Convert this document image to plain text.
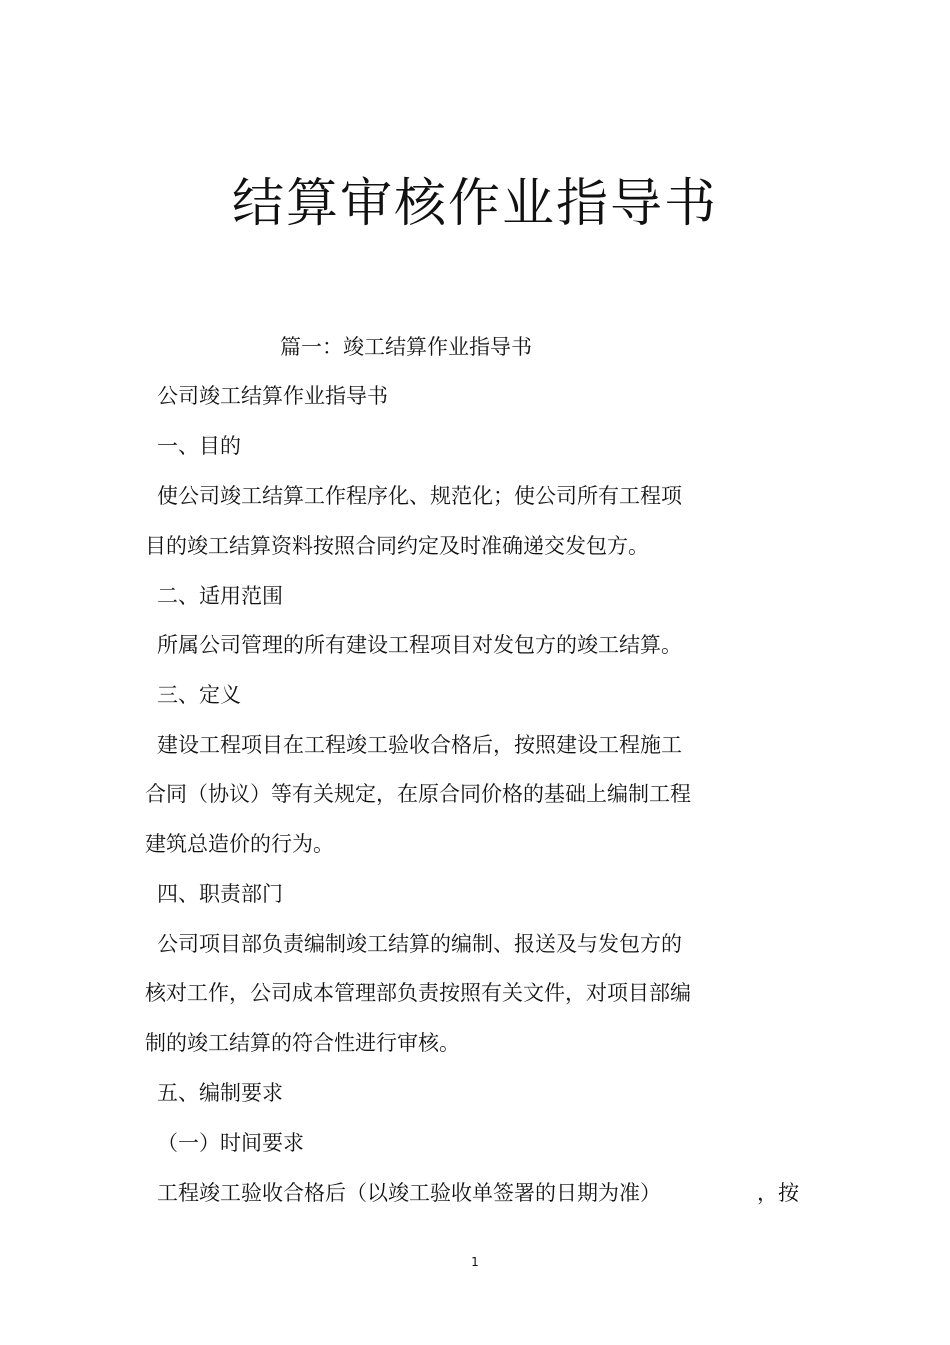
结算审核作业指导书
篇一：竣工结算作业指导书
公司竣工结算作业指导书
一、目的
使公司竣工结算工作程序化、规范化；使公司所有工程项
目的竣工结算资料按照合同约定及时准确递交发包方。
二、适用范围
所属公司管理的所有建设工程项目对发包方的竣工结算。
三、定义
建设工程项目在工程竣工验收合格后，按照建设工程施工
合同（协议）等有关规定，在原合同价格的基础上编制工程
建筑总造价的行为。
四、职责部门
公司项目部负责编制竣工结算的编制、报送及与发包方的
核对工作，公司成本管理部负责按照有关文件，对项目部编
制的竣工结算的符合性进行审核。
五、编制要求
（一）时间要求
工程竣工验收合格后（以竣工验收单签署的日期为准）	，按
1
